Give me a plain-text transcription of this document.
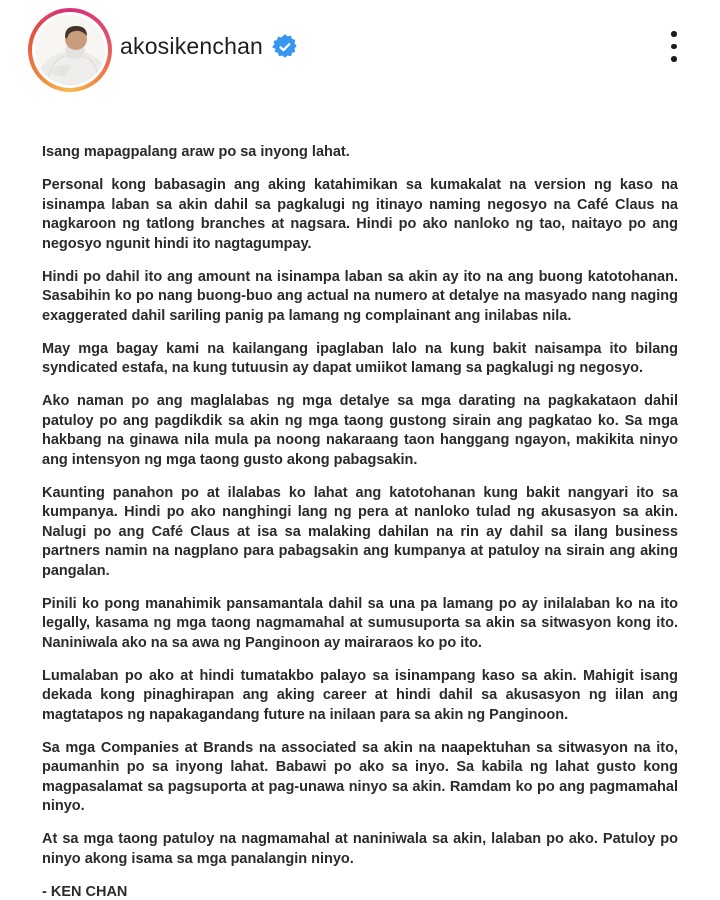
akosikenchan

Isang mapagpalang araw po sa inyong lahat.

Personal kong babasagin ang aking katahimikan sa kumakalat na version ng kaso na isinampa laban sa akin dahil sa pagkalugi ng itinayo naming negosyo na Café Claus na nagkaroon ng tatlong branches at nagsara. Hindi po ako nanloko ng tao, naitayo po ang negosyo ngunit hindi ito nagtagumpay.

Hindi po dahil ito ang amount na isinampa laban sa akin ay ito na ang buong katotohanan. Sasabihin ko po nang buong-buo ang actual na numero at detalye na masyado nang naging exaggerated dahil sariling panig pa lamang ng complainant ang inilabas nila.

May mga bagay kami na kailangang ipaglaban lalo na kung bakit naisampa ito bilang syndicated estafa, na kung tutuusin ay dapat umiikot lamang sa pagkalugi ng negosyo.

Ako naman po ang maglalabas ng mga detalye sa mga darating na pagkakataon dahil patuloy po ang pagdikdik sa akin ng mga taong gustong sirain ang pagkatao ko. Sa mga hakbang na ginawa nila mula pa noong nakaraang taon hanggang ngayon, makikita ninyo ang intensyon ng mga taong gusto akong pabagsakin.

Kaunting panahon po at ilalabas ko lahat ang katotohanan kung bakit nangyari ito sa kumpanya. Hindi po ako nanghingi lang ng pera at nanloko tulad ng akusasyon sa akin. Nalugi po ang Café Claus at isa sa malaking dahilan na rin ay dahil sa ilang business partners namin na nagplano para pabagsakin ang kumpanya at patuloy na sirain ang aking pangalan.

Pinili ko pong manahimik pansamantala dahil sa una pa lamang po ay inilalaban ko na ito legally, kasama ng mga taong nagmamahal at sumusuporta sa akin sa sitwasyon kong ito. Naniniwala ako na sa awa ng Panginoon ay mairaraos ko po ito.

Lumalaban po ako at hindi tumatakbo palayo sa isinampang kaso sa akin. Mahigit isang dekada kong pinaghirapan ang aking career at hindi dahil sa akusasyon ng iilan ang magtatapos ng napakagandang future na inilaan para sa akin ng Panginoon.

Sa mga Companies at Brands na associated sa akin na naapektuhan sa sitwasyon na ito, paumanhin po sa inyong lahat. Babawi po ako sa inyo. Sa kabila ng lahat gusto kong magpasalamat sa pagsuporta at pag-unawa ninyo sa akin. Ramdam ko po ang pagmamahal ninyo.

At sa mga taong patuloy na nagmamahal at naniniwala sa akin, lalaban po ako. Patuloy po ninyo akong isama sa mga panalangin ninyo.

- KEN CHAN
